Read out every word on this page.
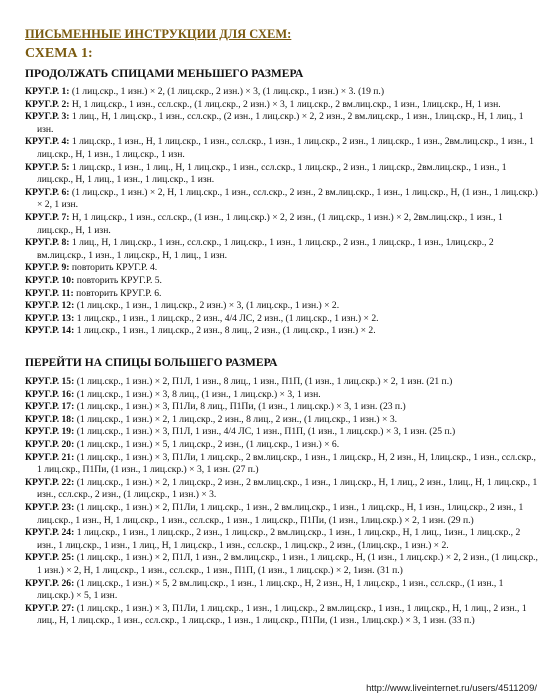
ПИСЬМЕННЫЕ ИНСТРУКЦИИ ДЛЯ СХЕМ:
СХЕМА 1:
ПРОДОЛЖАТЬ СПИЦАМИ МЕНЬШЕГО РАЗМЕРА
КРУГ.Р. 1: (1 лиц.скр., 1 изн.) × 2, (1 лиц.скр., 2 изн.) × 3, (1 лиц.скр., 1 изн.) × 3. (19 п.)
КРУГ.Р. 2: Н, 1 лиц.скр., 1 изн., ссл.скр., (1 лиц.скр., 2 изн.) × 3, 1 лиц.скр., 2 вм.лиц.скр., 1 изн., 1лиц.скр., Н, 1 изн.
КРУГ.Р. 3: 1 лиц., Н, 1 лиц.скр., 1 изн., ссл.скр., (2 изн., 1 лиц.скр.) × 2, 2 изн., 2 вм.лиц.скр., 1 изн., 1лиц.скр., Н, 1 лиц., 1 изн.
КРУГ.Р. 4: 1 лиц.скр., 1 изн., Н, 1 лиц.скр., 1 изн., ссл.скр., 1 изн., 1 лиц.скр., 2 изн., 1 лиц.скр., 1 изн., 2вм.лиц.скр., 1 изн., 1 лиц.скр., Н, 1 изн., 1 лиц.скр., 1 изн.
КРУГ.Р. 5: 1 лиц.скр., 1 изн., 1 лиц., Н, 1 лиц.скр., 1 изн., ссл.скр., 1 лиц.скр., 2 изн., 1 лиц.скр., 2вм.лиц.скр., 1 изн., 1 лиц.скр., Н, 1 лиц., 1 изн., 1 лиц.скр., 1 изн.
КРУГ.Р. 6: (1 лиц.скр., 1 изн.) × 2, Н, 1 лиц.скр., 1 изн., ссл.скр., 2 изн., 2 вм.лиц.скр., 1 изн., 1 лиц.скр., Н, (1 изн., 1 лиц.скр.) × 2, 1 изн.
КРУГ.Р. 7: Н, 1 лиц.скр., 1 изн., ссл.скр., (1 изн., 1 лиц.скр.) × 2, 2 изн., (1 лиц.скр., 1 изн.) × 2, 2вм.лиц.скр., 1 изн., 1 лиц.скр., Н, 1 изн.
КРУГ.Р. 8: 1 лиц., Н, 1 лиц.скр., 1 изн., ссл.скр., 1 лиц.скр., 1 изн., 1 лиц.скр., 2 изн., 1 лиц.скр., 1 изн., 1лиц.скр., 2 вм.лиц.скр., 1 изн., 1 лиц.скр., Н, 1 лиц., 1 изн.
КРУГ.Р. 9: повторить КРУГ.Р. 4.
КРУГ.Р. 10: повторить КРУГ.Р. 5.
КРУГ.Р. 11: повторить КРУГ.Р. 6.
КРУГ.Р. 12: (1 лиц.скр., 1 изн., 1 лиц.скр., 2 изн.) × 3, (1 лиц.скр., 1 изн.) × 2.
КРУГ.Р. 13: 1 лиц.скр., 1 изн., 1 лиц.скр., 2 изн., 4/4 ЛС, 2 изн., (1 лиц.скр., 1 изн.) × 2.
КРУГ.Р. 14: 1 лиц.скр., 1 изн., 1 лиц.скр., 2 изн., 8 лиц., 2 изн., (1 лиц.скр., 1 изн.) × 2.
ПЕРЕЙТИ НА СПИЦЫ БОЛЬШЕГО РАЗМЕРА
КРУГ.Р. 15: (1 лиц.скр., 1 изн.) × 2, П1Л, 1 изн., 8 лиц., 1 изн., П1П, (1 изн., 1 лиц.скр.) × 2, 1 изн. (21 п.)
КРУГ.Р. 16: (1 лиц.скр., 1 изн.) × 3, 8 лиц., (1 изн., 1 лиц.скр.) × 3, 1 изн.
КРУГ.Р. 17: (1 лиц.скр., 1 изн.) × 3, П1Ли, 8 лиц., П1Пи, (1 изн., 1 лиц.скр.) × 3, 1 изн. (23 п.)
КРУГ.Р. 18: (1 лиц.скр., 1 изн.) × 2, 1 лиц.скр., 2 изн., 8 лиц., 2 изн., (1 лиц.скр., 1 изн.) × 3.
КРУГ.Р. 19: (1 лиц.скр., 1 изн.) × 3, П1Л, 1 изн., 4/4 ЛС, 1 изн., П1П, (1 изн., 1 лиц.скр.) × 3, 1 изн. (25 п.)
КРУГ.Р. 20: (1 лиц.скр., 1 изн.) × 5, 1 лиц.скр., 2 изн., (1 лиц.скр., 1 изн.) × 6.
КРУГ.Р. 21: (1 лиц.скр., 1 изн.) × 3, П1Ли, 1 лиц.скр., 2 вм.лиц.скр., 1 изн., 1 лиц.скр., Н, 2 изн., Н, 1лиц.скр., 1 изн., ссл.скр., 1 лиц.скр., П1Пи, (1 изн., 1 лиц.скр.) × 3, 1 изн. (27 п.)
КРУГ.Р. 22: (1 лиц.скр., 1 изн.) × 2, 1 лиц.скр., 2 изн., 2 вм.лиц.скр., 1 изн., 1 лиц.скр., Н, 1 лиц., 2 изн., 1лиц., Н, 1 лиц.скр., 1 изн., ссл.скр., 2 изн., (1 лиц.скр., 1 изн.) × 3.
КРУГ.Р. 23: (1 лиц.скр., 1 изн.) × 2, П1Ли, 1 лиц.скр., 1 изн., 2 вм.лиц.скр., 1 изн., 1 лиц.скр., Н, 1 изн., 1лиц.скр., 2 изн., 1 лиц.скр., 1 изн., Н, 1 лиц.скр., 1 изн., ссл.скр., 1 изн., 1 лиц.скр., П1Пи, (1 изн., 1лиц.скр.) × 2, 1 изн. (29 п.)
КРУГ.Р. 24: 1 лиц.скр., 1 изн., 1 лиц.скр., 2 изн., 1 лиц.скр., 2 вм.лиц.скр., 1 изн., 1 лиц.скр., Н, 1 лиц., 1изн., 1 лиц.скр., 2 изн., 1 лиц.скр., 1 изн., 1 лиц., Н, 1 лиц.скр., 1 изн., ссл.скр., 1 лиц.скр., 2 изн., (1лиц.скр., 1 изн.) × 2.
КРУГ.Р. 25: (1 лиц.скр., 1 изн.) × 2, П1Л, 1 изн., 2 вм.лиц.скр., 1 изн., 1 лиц.скр., Н, (1 изн., 1 лиц.скр.) × 2, 2 изн., (1 лиц.скр., 1 изн.) × 2, Н, 1 лиц.скр., 1 изн., ссл.скр., 1 изн., П1П, (1 изн., 1 лиц.скр.) × 2, 1изн. (31 п.)
КРУГ.Р. 26: (1 лиц.скр., 1 изн.) × 5, 2 вм.лиц.скр., 1 изн., 1 лиц.скр., Н, 2 изн., Н, 1 лиц.скр., 1 изн., ссл.скр., (1 изн., 1 лиц.скр.) × 5, 1 изн.
КРУГ.Р. 27: (1 лиц.скр., 1 изн.) × 3, П1Ли, 1 лиц.скр., 1 изн., 1 лиц.скр., 2 вм.лиц.скр., 1 изн., 1 лиц.скр., Н, 1 лиц., 2 изн., 1 лиц., Н, 1 лиц.скр., 1 изн., ссл.скр., 1 лиц.скр., 1 изн., 1 лиц.скр., П1Пи, (1 изн., 1лиц.скр.) × 3, 1 изн. (33 п.)
http://www.liveinternet.ru/users/4511209/
